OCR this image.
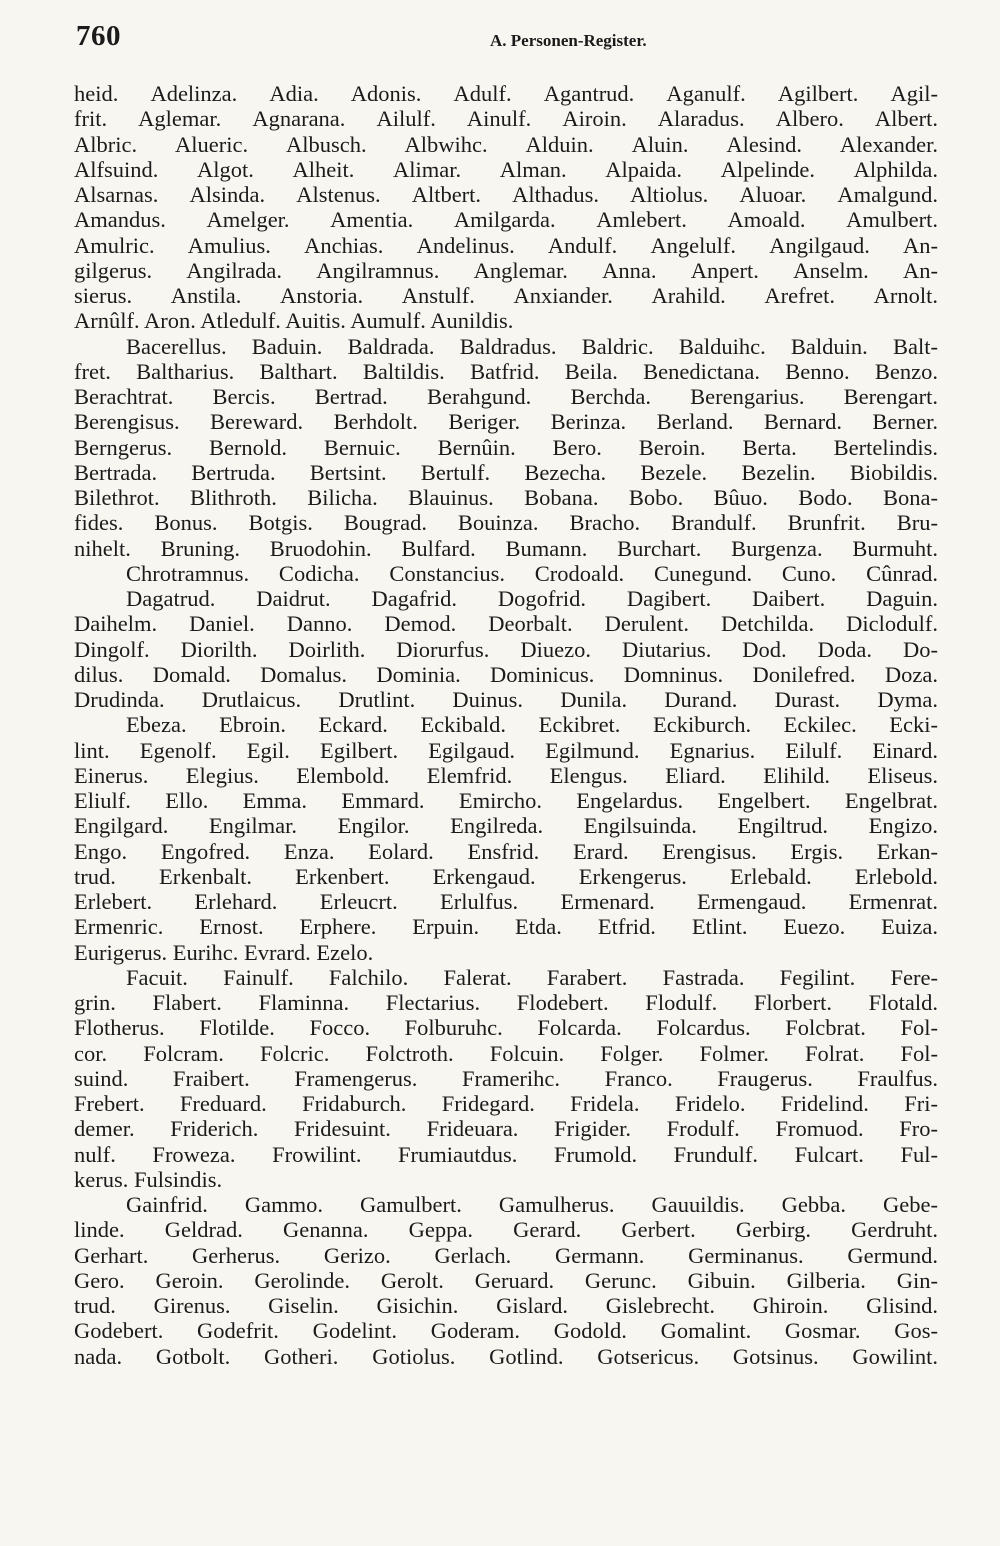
760	A. Personen-Register.
heid. Adelinza. Adia. Adonis. Adulf. Agantrud. Aganulf. Agilbert. Agil-
frit. Aglemar. Agnarana. Ailulf. Ainulf. Airoin. Alaradus. Albero. Albert.
Albric. Alueric. Albusch. Albwihc. Alduin. Aluin. Alesind. Alexander.
Alfsuind. Algot. Alheit. Alimar. Alman. Alpaida. Alpelinde. Alphilda.
Alsarnas. Alsinda. Alstenus. Altbert. Althadus. Altiolus. Aluoar. Amalgund.
Amandus. Amelger. Amentia. Amilgarda. Amlebert. Amoald. Amulbert.
Amulric. Amulius. Anchias. Andelinus. Andulf. Angelulf. Angilgaud. An-
gilgerus. Angilrada. Angilramnus. Anglemar. Anna. Anpert. Anselm. An-
sierus. Anstila. Anstoria. Anstulf. Anxiander. Arahild. Arefret. Arnolt.
Arnûlf. Aron. Atledulf. Auitis. Aumulf. Aunildis.
Bacerellus. Baduin. Baldrada. Baldradus. Baldric. Balduihc. Balduin. Balt-
fret. Baltharius. Balthart. Baltildis. Batfrid. Beila. Benedictana. Benno. Benzo.
Berachtrat. Bercis. Bertrad. Berahgund. Berchda. Berengarius. Berengart.
Berengisus. Bereward. Berhdolt. Beriger. Berinza. Berland. Bernard. Berner.
Berngerus. Bernold. Bernuic. Bernûin. Bero. Beroin. Berta. Bertelindis.
Bertrada. Bertruda. Bertsint. Bertulf. Bezecha. Bezele. Bezelin. Biobildis.
Bilethrot. Blithroth. Bilicha. Blauinus. Bobana. Bobo. Bûuo. Bodo. Bona-
fides. Bonus. Botgis. Bougrad. Bouinza. Bracho. Brandulf. Brunfrit. Bru-
nihelt. Bruning. Bruodohin. Bulfard. Bumann. Burchart. Burgenza. Burmuht.
Chrotramnus. Codicha. Constancius. Crodoald. Cunegund. Cuno. Cûnrad.
Dagatrud. Daidrut. Dagafrid. Dogofrid. Dagibert. Daibert. Daguin.
Daihelm. Daniel. Danno. Demod. Deorbalt. Derulent. Detchilda. Diclodulf.
Dingolf. Diorilth. Doirlith. Diorurfus. Diuezo. Diutarius. Dod. Doda. Do-
dilus. Domald. Domalus. Dominia. Dominicus. Domninus. Donilefred. Doza.
Drudinda. Drutlaicus. Drutlint. Duinus. Dunila. Durand. Durast. Dyma.
Ebeza. Ebroin. Eckard. Eckibald. Eckibret. Eckiburch. Eckilec. Ecki-
lint. Egenolf. Egil. Egilbert. Egilgaud. Egilmund. Egnarius. Eilulf. Einard.
Einerus. Elegius. Elembold. Elemfrid. Elengus. Eliard. Elihild. Eliseus.
Eliulf. Ello. Emma. Emmard. Emircho. Engelardus. Engelbert. Engelbrat.
Engilgard. Engilmar. Engilor. Engilreda. Engilsuinda. Engiltrud. Engizo.
Engo. Engofred. Enza. Eolard. Ensfrid. Erard. Erengisus. Ergis. Erkan-
trud. Erkenbalt. Erkenbert. Erkengaud. Erkengerus. Erlebald. Erlebold.
Erlebert. Erlehard. Erleucrt. Erlulfus. Ermenard. Ermengaud. Ermenrat.
Ermenric. Ernost. Erphere. Erpuin. Etda. Etfrid. Etlint. Euezo. Euiza.
Eurigerus. Eurihc. Evrard. Ezelo.
Facuit. Fainulf. Falchilo. Falerat. Farabert. Fastrada. Fegilint. Fere-
grin. Flabert. Flaminna. Flectarius. Flodebert. Flodulf. Florbert. Flotald.
Flotherus. Flotilde. Focco. Folburuhc. Folcarda. Folcardus. Folcbrat. Fol-
cor. Folcram. Folcric. Folctroth. Folcuin. Folger. Folmer. Folrat. Fol-
suind. Fraibert. Framengerus. Framerihc. Franco. Fraugerus. Fraulfus.
Frebert. Freduard. Fridaburch. Fridegard. Fridela. Fridelo. Fridelind. Fri-
demer. Friderich. Fridesuint. Frideuara. Frigider. Frodulf. Fromuod. Fro-
nulf. Froweza. Frowilint. Frumiautdus. Frumold. Frundulf. Fulcart. Ful-
kerus. Fulsindis.
Gainfrid. Gammo. Gamulbert. Gamulherus. Gauuildis. Gebba. Gebe-
linde. Geldrad. Genanna. Geppa. Gerard. Gerbert. Gerbirg. Gerdruht.
Gerhart. Gerherus. Gerizo. Gerlach. Germann. Germinanus. Germund.
Gero. Geroin. Gerolinde. Gerolt. Geruard. Gerunc. Gibuin. Gilberia. Gin-
trud. Girenus. Giselin. Gisichin. Gislard. Gislebrecht. Ghiroin. Glisind.
Godebert. Godefrit. Godelint. Goderam. Godold. Gomalint. Gosmar. Gos-
nada. Gotbolt. Gotheri. Gotiolus. Gotlind. Gotsericus. Gotsinus. Gowilint.
